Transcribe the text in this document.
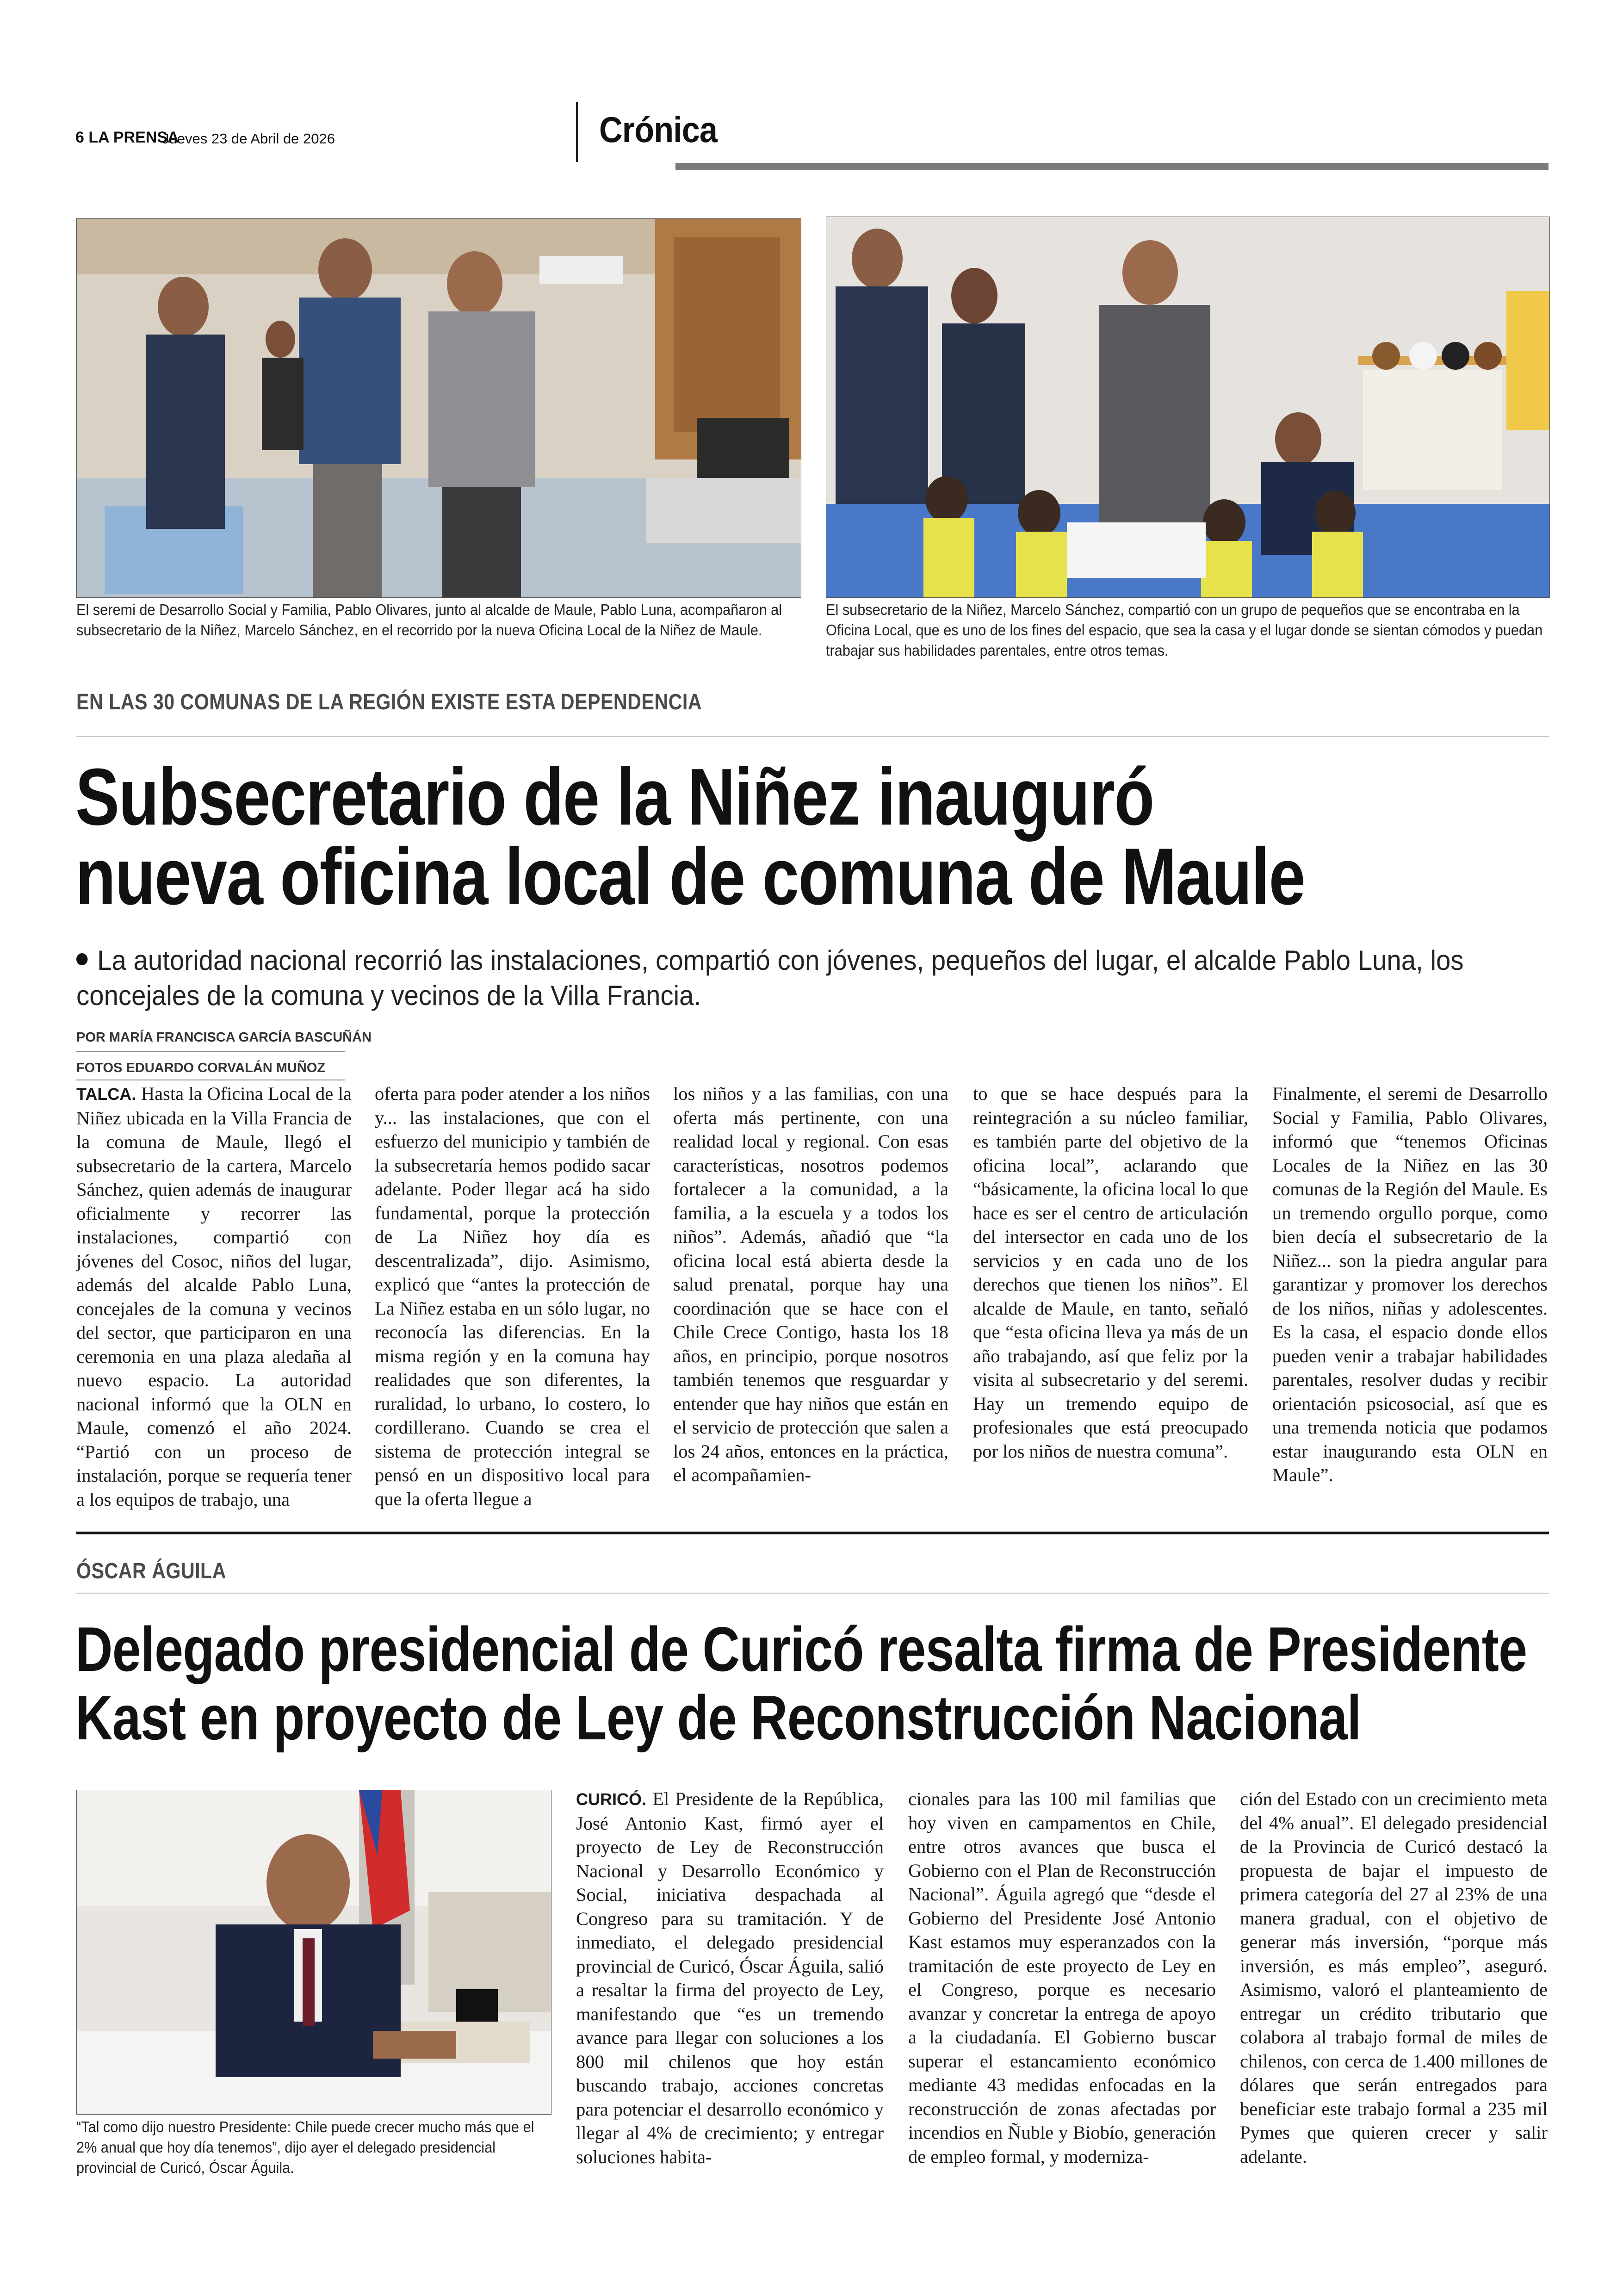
6 LA PRENSA
Jueves 23 de Abril de 2026	Crónica
El seremi de Desarrollo Social y Familia, Pablo Olivares, junto al alcalde de Maule, Pablo Luna, acompañaron al subsecretario de la Niñez, Marcelo Sánchez, en el recorrido por la nueva Oficina Local de la Niñez de Maule.
El subsecretario de la Niñez, Marcelo Sánchez, compartió con un grupo de pequeños que se encontraba en la Oficina Local, que es uno de los fines del espacio, que sea la casa y el lugar donde se sientan cómodos y puedan trabajar sus habilidades parentales, entre otros temas.
EN LAS 30 COMUNAS DE LA REGIÓN EXISTE ESTA DEPENDENCIA
Subsecretario de la Niñez inauguró
nueva oficina local de comuna de Maule
La autoridad nacional recorrió las instalaciones, compartió con jóvenes, pequeños del lugar, el alcalde Pablo Luna, los concejales de la comuna y vecinos de la Villa Francia.
POR MARÍA FRANCISCA GARCÍA BASCUÑÁN
FOTOS EDUARDO CORVALÁN MUÑOZ
TALCA. Hasta la Oficina Local de la Niñez ubicada en la Villa Francia de la comuna de Maule, llegó el subsecretario de la cartera, Marcelo Sánchez, quien además de inaugurar oficialmente y recorrer las instalaciones, compartió con jóvenes del Cosoc, niños del lugar, además del alcalde Pablo Luna, concejales de la comuna y vecinos del sector, que participaron en una ceremonia en una plaza aledaña al nuevo espacio. La autoridad nacional informó que la OLN en Maule, comenzó el año 2024. “Partió con un proceso de instalación, porque se requería tener a los equipos de trabajo, una
oferta para poder atender a los niños y... las instalaciones, que con el esfuerzo del municipio y también de la subsecretaría hemos podido sacar adelante. Poder llegar acá ha sido fundamental, porque la protección de La Niñez hoy día es descentralizada”, dijo. Asimismo, explicó que “antes la protección de La Niñez estaba en un sólo lugar, no reconocía las diferencias. En la misma región y en la comuna hay realidades que son diferentes, la ruralidad, lo urbano, lo costero, lo cordillerano. Cuando se crea el sistema de protección integral se pensó en un dispositivo local para que la oferta llegue a
los niños y a las familias, con una oferta más pertinente, con una realidad local y regional. Con esas características, nosotros podemos fortalecer a la comunidad, a la familia, a la escuela y a todos los niños”. Además, añadió que “la oficina local está abierta desde la salud prenatal, porque hay una coordinación que se hace con el Chile Crece Contigo, hasta los 18 años, en principio, porque nosotros también tenemos que resguardar y entender que hay niños que están en el servicio de protección que salen a los 24 años, entonces en la práctica, el acompañamien-
to que se hace después para la reintegración a su núcleo familiar, es también parte del objetivo de la oficina local”, aclarando que “básicamente, la oficina local lo que hace es ser el centro de articulación del intersector en cada uno de los servicios y en cada uno de los derechos que tienen los niños”. El alcalde de Maule, en tanto, señaló que “esta oficina lleva ya más de un año trabajando, así que feliz por la visita al subsecretario y del seremi. Hay un tremendo equipo de profesionales que está preocupado por los niños de nuestra comuna”.
Finalmente, el seremi de Desarrollo Social y Familia, Pablo Olivares, informó que “tenemos Oficinas Locales de la Niñez en las 30 comunas de la Región del Maule. Es un tremendo orgullo porque, como bien decía el subsecretario de la Niñez... son la piedra angular para garantizar y promover los derechos de los niños, niñas y adolescentes. Es la casa, el espacio donde ellos pueden venir a trabajar habilidades parentales, resolver dudas y recibir orientación psicosocial, así que es una tremenda noticia que podamos estar inaugurando esta OLN en Maule”.
ÓSCAR ÁGUILA
Delegado presidencial de Curicó resalta firma de Presidente
Kast en proyecto de Ley de Reconstrucción Nacional
“Tal como dijo nuestro Presidente: Chile puede crecer mucho más que el 2% anual que hoy día tenemos”, dijo ayer el delegado presidencial provincial de Curicó, Óscar Águila.
CURICÓ. El Presidente de la República, José Antonio Kast, firmó ayer el proyecto de Ley de Reconstrucción Nacional y Desarrollo Económico y Social, iniciativa despachada al Congreso para su tramitación. Y de inmediato, el delegado presidencial provincial de Curicó, Óscar Águila, salió a resaltar la firma del proyecto de Ley, manifestando que “es un tremendo avance para llegar con soluciones a los 800 mil chilenos que hoy están buscando trabajo, acciones concretas para potenciar el desarrollo económico y llegar al 4% de crecimiento; y entregar soluciones habita-
cionales para las 100 mil familias que hoy viven en campamentos en Chile, entre otros avances que busca el Gobierno con el Plan de Reconstrucción Nacional”. Águila agregó que “desde el Gobierno del Presidente José Antonio Kast estamos muy esperanzados con la tramitación de este proyecto de Ley en el Congreso, porque es necesario avanzar y concretar la entrega de apoyo a la ciudadanía. El Gobierno buscar superar el estancamiento económico mediante 43 medidas enfocadas en la reconstrucción de zonas afectadas por incendios en Ñuble y Biobío, generación de empleo formal, y moderniza-
ción del Estado con un crecimiento meta del 4% anual”. El delegado presidencial de la Provincia de Curicó destacó la propuesta de bajar el impuesto de primera categoría del 27 al 23% de una manera gradual, con el objetivo de generar más inversión, “porque más inversión, es más empleo”, aseguró. Asimismo, valoró el planteamiento de entregar un crédito tributario que colabora al trabajo formal de miles de chilenos, con cerca de 1.400 millones de dólares que serán entregados para beneficiar este trabajo formal a 235 mil Pymes que quieren crecer y salir adelante.
